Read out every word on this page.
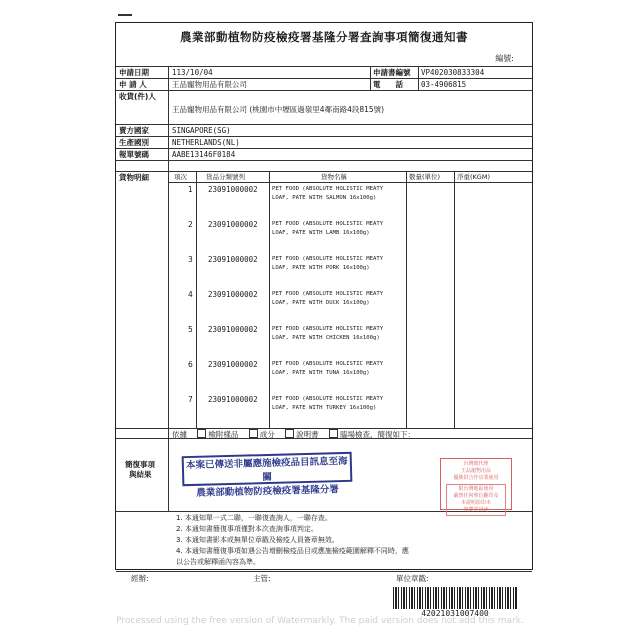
農業部動植物防疫檢疫署基隆分署查詢事項簡復通知書
編號:
申請日期	113/10/04	申請書編號 VP402030833304
申 請 人	王品寵物用品有限公司	電　　話 03-4906815
收貨(件)人
王品寵物用品有限公司 (桃園市中壢區過嶺里4鄰南路4段815號)
賣方國家	SINGAPORE(SG)
生產國別	NETHERLANDS(NL)
報單號碼	AABE13146F0184
貨物明細	項次	貨品分類號列	貨物名稱	數量(單位)	淨重(KGM)
1 23091000002	PET FOOD (ABSOLUTE HOLISTIC MEATY
LOAF, PATE WITH SALMON 16x100g)
2 23091000002	PET FOOD (ABSOLUTE HOLISTIC MEATY
LOAF, PATE WITH LAMB 16x100g)
3 23091000002	PET FOOD (ABSOLUTE HOLISTIC MEATY
LOAF, PATE WITH PORK 16x100g)
4 23091000002	PET FOOD (ABSOLUTE HOLISTIC MEATY
LOAF, PATE WITH DUCK 16x100g)
5 23091000002	PET FOOD (ABSOLUTE HOLISTIC MEATY
LOAF, PATE WITH CHICKEN 16x100g)
6 23091000002	PET FOOD (ABSOLUTE HOLISTIC MEATY
LOAF, PATE WITH TUNA 16x100g)
7 23091000002	PET FOOD (ABSOLUTE HOLISTIC MEATY
LOAF, PATE WITH TURKEY 16x100g)
依據	檢附樣品	成分	說明書	臨場檢查，簡復如下：
簡復事項
與結果
1. 本通知單一式二聯，一聯復查詢人，一聯存查。
2. 本通知書簡復事項僅對本次查詢事項判定。
3. 本通知書影本或無單位章戳及檢疫人員簽章無效。
4. 本通知書簡復事項如遇公告增刪檢疫品目或應施檢疫範圍解釋不同時，應
以公告或解釋函內容為準。
經辦:	主管:	單位章戳:
本案已傳送非屬應施檢疫品目訊息至海關
農業部動植物防疫檢疫署基隆分署
台灣總代理
王品寵物用品
優勝供合作店業使用
限台灣地區使用
嚴禁任何單位翻印及
本證明影印本
複製等用途
42021031007400
Processed using the free version of Watermarkly. The paid version does not add this mark.
